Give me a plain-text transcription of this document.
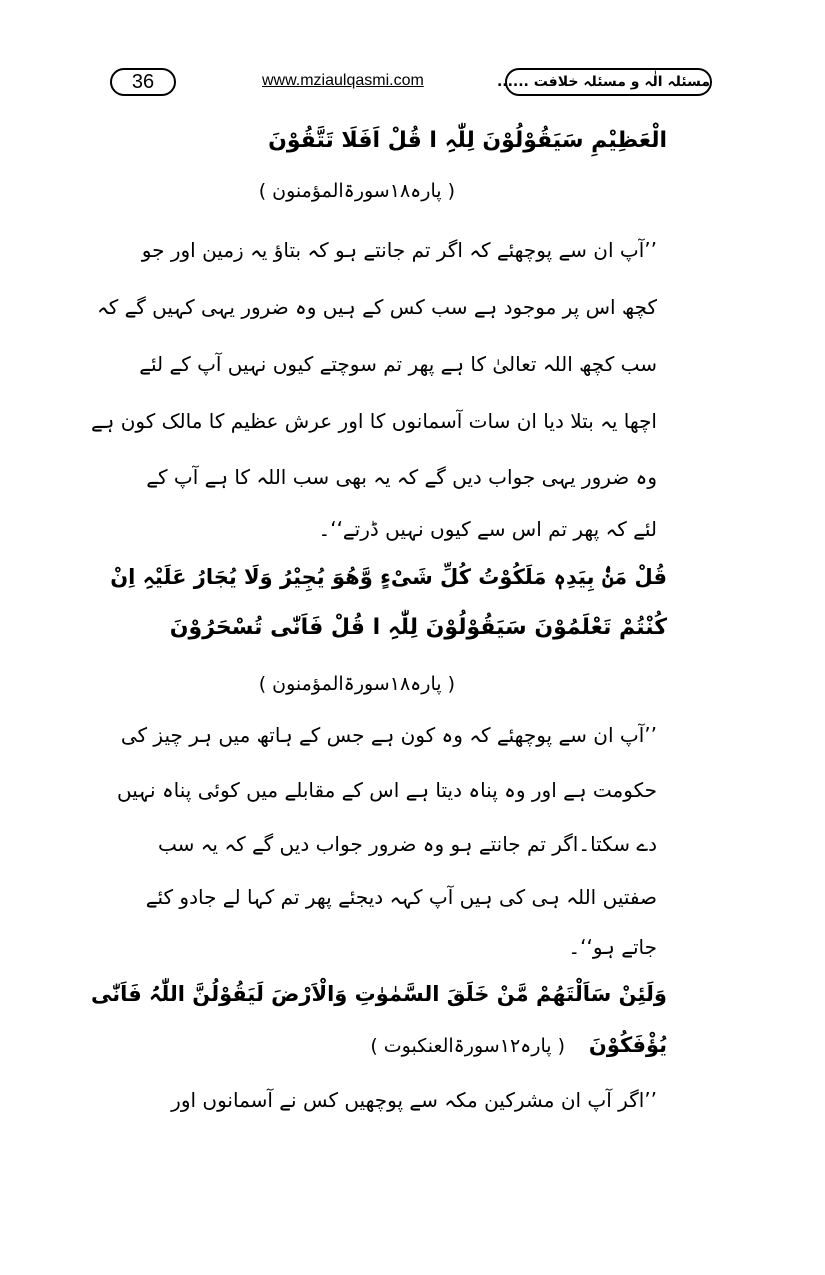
36	www.mziaulqasmi.com	مسئلہ الٰہ و مسئلہ خلافت ......
الْعَظِیْمِ سَیَقُوْلُوْنَ لِلّٰہِ ا قُلْ اَفَلَا تَتَّقُوْنَ
( پارہ۱۸سورۃالمؤمنون )
’’آپ ان سے پوچھئے کہ اگر تم جانتے ہو کہ بتاؤ یہ زمین اور جو
کچھ اس پر موجود ہے سب کس کے ہیں وہ ضرور یہی کہیں گے کہ
سب کچھ اللہ تعالیٰ کا ہے پھر تم سوچتے کیوں نہیں آپ کے لئے
اچھا یہ بتلا دیا ان سات آسمانوں کا اور عرش عظیم کا مالک کون ہے
وہ ضرور یہی جواب دیں گے کہ یہ بھی سب اللہ کا ہے آپ کے
لئے کہ پھر تم اس سے کیوں نہیں ڈرتے‘‘۔
قُلْ مَنْۢ بِیَدِہٖ مَلَکُوْتُ کُلِّ شَیْءٍ وَّھُوَ یُجِیْرُ وَلَا یُجَارُ عَلَیْہِ اِنْ
کُنْتُمْ تَعْلَمُوْنَ سَیَقُوْلُوْنَ لِلّٰہِ ا قُلْ فَاَنّٰی تُسْحَرُوْنَ
( پارہ۱۸سورۃالمؤمنون )
’’آپ ان سے پوچھئے کہ وہ کون ہے جس کے ہاتھ میں ہر چیز کی
حکومت ہے اور وہ پناہ دیتا ہے اس کے مقابلے میں کوئی پناہ نہیں
دے سکتا۔اگر تم جانتے ہو وہ ضرور جواب دیں گے کہ یہ سب
صفتیں اللہ ہی کی ہیں آپ کہہ دیجئے پھر تم کہا لے جادو کئے
جاتے ہو‘‘۔
وَلَئِنْ سَاَلْتَھُمْ مَّنْ خَلَقَ السَّمٰوٰتِ وَالْاَرْضَ لَیَقُوْلُنَّ اللّٰہُ فَاَنّٰی
یُؤْفَکُوْنَ
( پارہ۱۲سورۃالعنکبوت )
’’اگر آپ ان مشرکین مکہ سے پوچھیں کس نے آسمانوں اور
